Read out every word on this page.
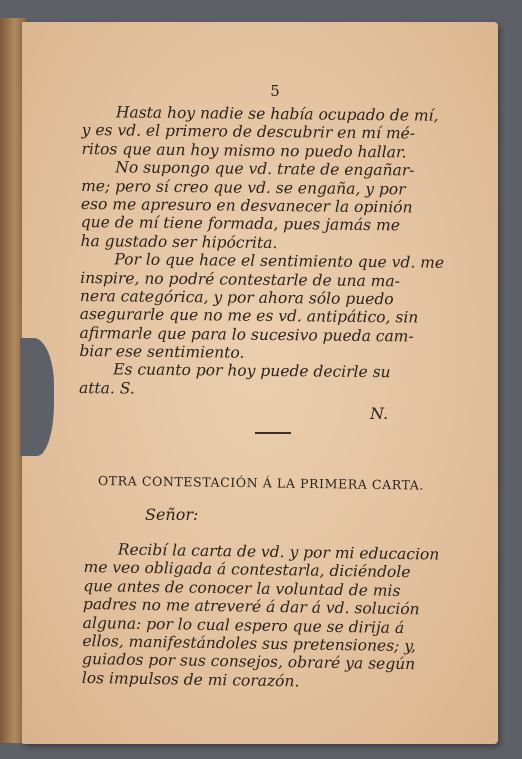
5
Hasta hoy nadie se había ocupado de mí,
y es vd. el primero de descubrir en mí mé-
ritos que aun hoy mismo no puedo hallar.
No supongo que vd. trate de engañar-
me; pero sí creo que vd. se engaña, y por
eso me apresuro en desvanecer la opinión
que de mí tiene formada, pues jamás me
ha gustado ser hipócrita.
Por lo que hace el sentimiento que vd. me
inspire, no podré contestarle de una ma-
nera categórica, y por ahora sólo puedo
asegurarle que no me es vd. antipático, sin
afirmarle que para lo sucesivo pueda cam-
biar ese sentimiento.
Es cuanto por hoy puede decirle su
atta. S.
N.
OTRA CONTESTACIÓN Á LA PRIMERA CARTA.
Señor:
Recibí la carta de vd. y por mi educacion
me veo obligada á contestarla, diciéndole
que antes de conocer la voluntad de mis
padres no me atreveré á dar á vd. solución
alguna: por lo cual espero que se dirija á
ellos, manifestándoles sus pretensiones; y,
guiados por sus consejos, obraré ya según
los impulsos de mi corazón.
